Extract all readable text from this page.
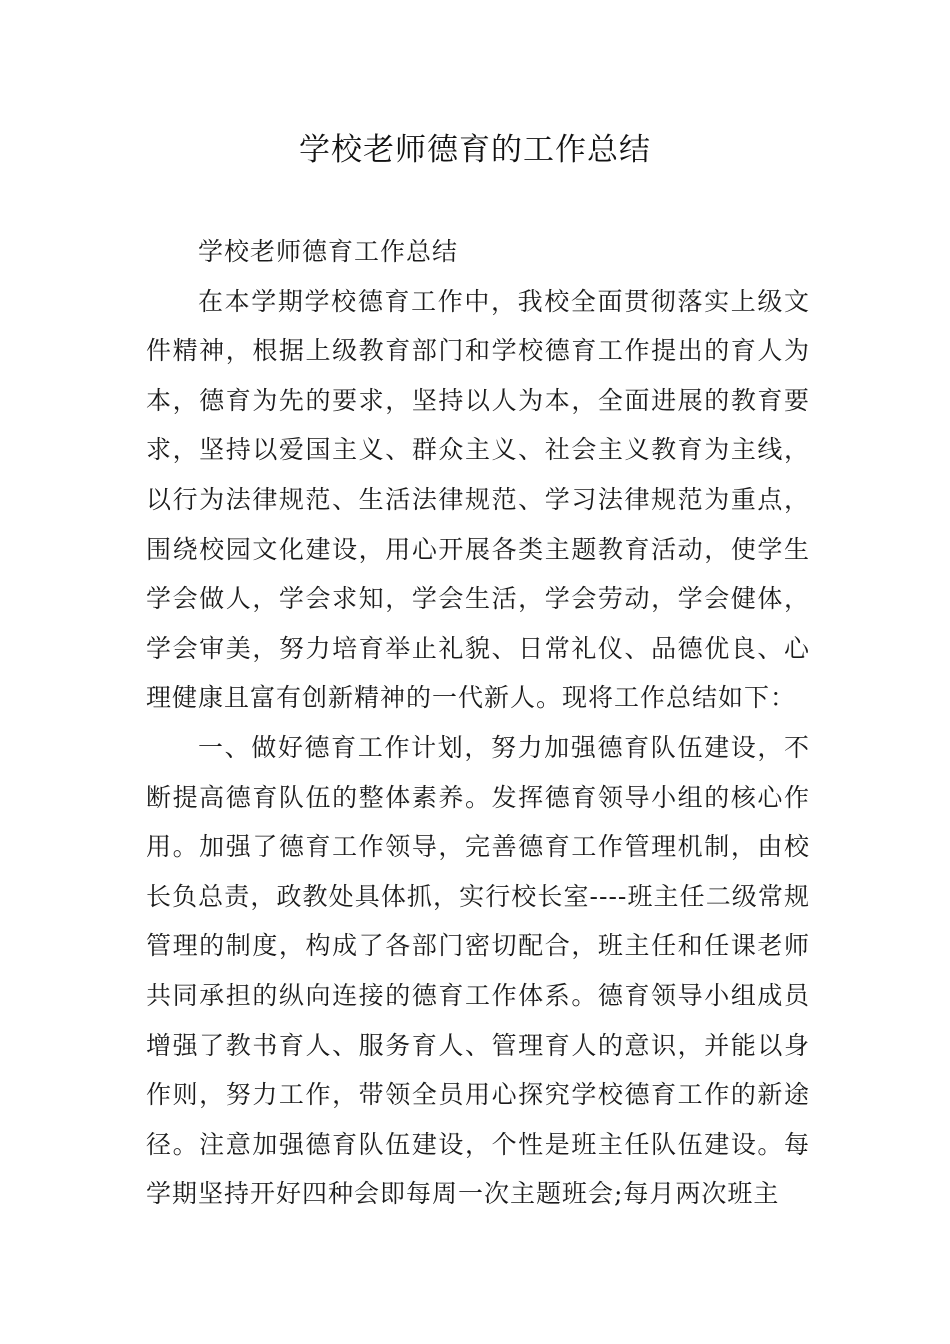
学校老师德育的工作总结

学校老师德育工作总结

在本学期学校德育工作中，我校全面贯彻落实上级文件精神，根据上级教育部门和学校德育工作提出的育人为本，德育为先的要求，坚持以人为本，全面进展的教育要求，坚持以爱国主义、群众主义、社会主义教育为主线，以行为法律规范、生活法律规范、学习法律规范为重点，围绕校园文化建设，用心开展各类主题教育活动，使学生学会做人，学会求知，学会生活，学会劳动，学会健体，学会审美，努力培育举止礼貌、日常礼仪、品德优良、心理健康且富有创新精神的一代新人。现将工作总结如下：

一、做好德育工作计划，努力加强德育队伍建设，不断提高德育队伍的整体素养。发挥德育领导小组的核心作用。加强了德育工作领导，完善德育工作管理机制，由校长负总责，政教处具体抓，实行校长室----班主任二级常规管理的制度，构成了各部门密切配合，班主任和任课老师共同承担的纵向连接的德育工作体系。德育领导小组成员增强了教书育人、服务育人、管理育人的意识，并能以身作则，努力工作，带领全员用心探究学校德育工作的新途径。注意加强德育队伍建设，个性是班主任队伍建设。每学期坚持开好四种会即每周一次主题班会;每月两次班主
